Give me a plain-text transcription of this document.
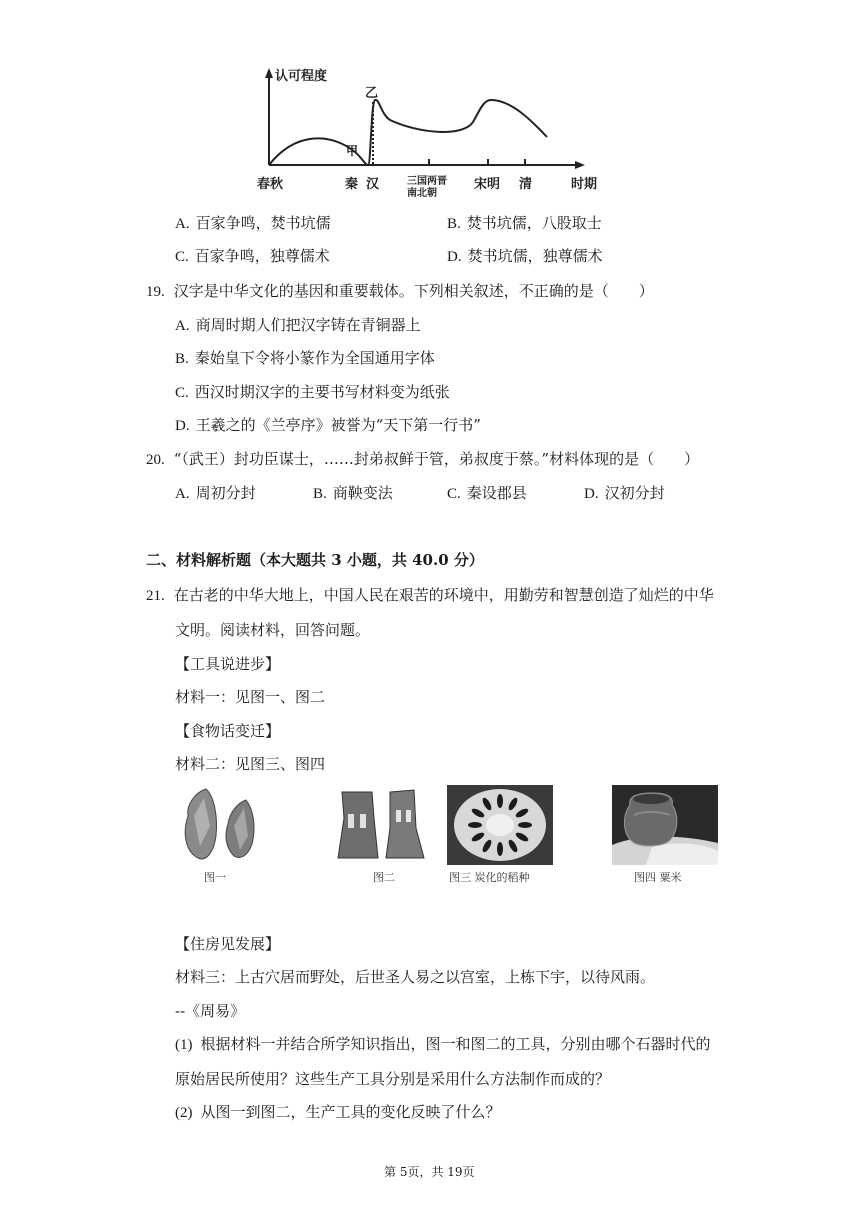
认可程度
乙
甲
春秋	秦 汉	三国两晋
南北朝
宋明 清	时期
A. 百家争鸣，焚书坑儒	B. 焚书坑儒，八股取士
C. 百家争鸣，独尊儒术	D. 焚书坑儒，独尊儒术
19. 汉字是中华文化的基因和重要载体。下列相关叙述，不正确的是（　　）
A. 商周时期人们把汉字铸在青铜器上
B. 秦始皇下令将小篆作为全国通用字体
C. 西汉时期汉字的主要书写材料变为纸张
D. 王羲之的《兰亭序》被誉为“天下第一行书”
20. “（武王）封功臣谋士，……封弟叔鲜于管，弟叔度于蔡。”材料体现的是（　　）
A. 周初分封	B. 商鞅变法	C. 秦设郡县	D. 汉初分封
二、材料解析题（本大题共 3 小题，共 40.0 分）
21. 在古老的中华大地上，中国人民在艰苦的环境中，用勤劳和智慧创造了灿烂的中华
文明。阅读材料，回答问题。
【工具说进步】
材料一：见图一、图二
【食物话变迁】
材料二：见图三、图四
图一	图二	图三 炭化的稻种	图四 粟米
【住房见发展】
材料三：上古穴居而野处，后世圣人易之以宫室，上栋下宇，以待风雨。
--《周易》
(1) 根据材料一并结合所学知识指出，图一和图二的工具，分别由哪个石器时代的
原始居民所使用？这些生产工具分别是采用什么方法制作而成的？
(2) 从图一到图二，生产工具的变化反映了什么？
第 5页，共 19页
